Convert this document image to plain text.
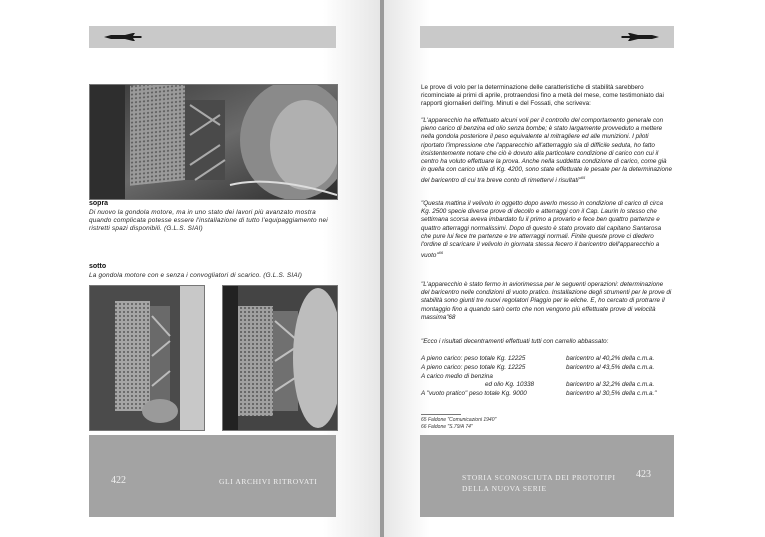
sopra
Di nuovo la gondola motore, ma in uno stato dei lavori più avanzato mostra quando complicata potesse essere l'installazione di tutto l'equipaggiamento nei ristretti spazi disponibili. (G.L.S. SIAI)
sotto
La gondola motore con e senza i convogliatori di scarico. (G.L.S. SIAI)
422	GLI ARCHIVI RITROVATI	STORIA SCONOSCIUTA DEI PROTOTIPI
DELLA NUOVA SERIE
423
Le prove di volo per la determinazione delle caratteristiche di stabilità sarebbero ricominciate ai primi di aprile, protraendosi fino a metà del mese, come testimoniato dai rapporti giornalieri dell'Ing. Minuti e del Fossati, che scriveva:
"L'apparecchio ha effettuato alcuni voli per il controllo del comportamento generale con pieno carico di benzina ed olio senza bombe; è stato largamente provveduto a mettere nella gondola posteriore il peso equivalente al mitragliere ed alle munizioni. I piloti riportato l'impressione che l'apparecchio all'atterraggio sia di difficile seduta, ho fatto insistentemente notare che ciò è dovuto alla particolare condizione di carico con cui il centro ha voluto effettuare la prova. Anche nella suddetta condizione di carico, come già in quella con carico utile di Kg. 4200, sono state effettuate le pesate per la determinazione del baricentro di cui tra breve conto di rimettervi i risultati"$^{65}$
"Questa mattina il velivolo in oggetto dopo averlo messo in condizione di carico di circa Kg. 2500 specie diverse prove di decollo e atterraggi con il Cap. Laurin lo stesso che settimana scorsa aveva imbardato fu il primo a provarlo e fece ben quattro partenze e quattro atterraggi normalissimi. Dopo di questo è stato provato dal capitano Santarosa che pure lui fece tre partenze e tre atterraggi normali. Finite queste prove ci diedero l'ordine di scaricare il velivolo in giornata stessa fecero il baricentro dell'apparecchio a vuoto"$^{66}$
"L'apparecchio è stato fermo in aviorimessa per le seguenti operazioni: determinazione del baricentro nelle condizioni di vuoto pratico. Installazione degli strumenti per le prove di stabilità sono giunti tre nuovi regolatori Piaggio per le eliche. E, ho cercato di protrarre il montaggio fino a quando sarò certo che non vengono più effettuate prove di velocità massima"68
"Ecco i risultati decentramenti effettuati tutti con carrello abbassato:
A pieno carico: peso totale Kg. 12225	baricentro al 40,2% della c.m.a.
A pieno carico: peso totale Kg. 12225	baricentro al 43,5% della c.m.a.
A carico medio di benzina
ed olio Kg. 10338	baricentro al 32,2% della c.m.a.
A "vuoto pratico" peso totale Kg. 9000	baricentro al 30,5% della c.m.a."
65 Faldone "Comunicazioni 1940"
66 Faldone "S.79/A 74"
